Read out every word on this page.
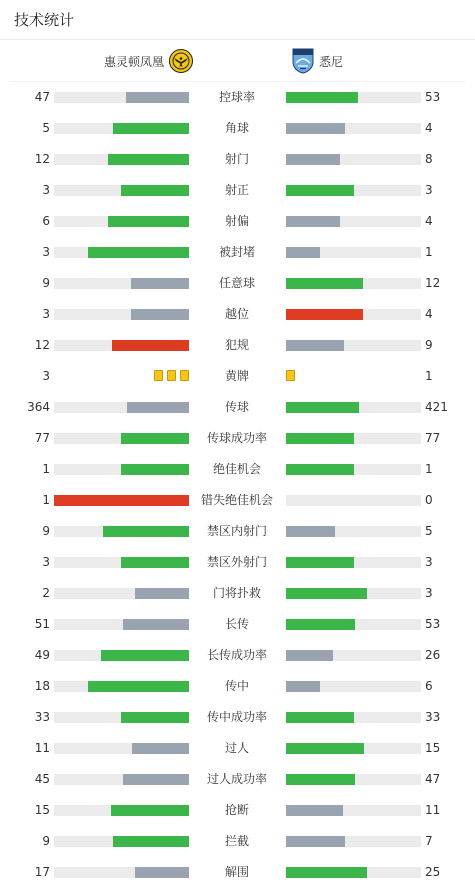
技术统计
惠灵顿凤凰	悉尼
47	控球率	53
5	角球	4
12	射门	8
3	射正	3
6	射偏	4
3	被封堵	1
9	任意球	12
3	越位	4
12	犯规	9
3	黄牌	1
364	传球	421
77	传球成功率	77
1	绝佳机会	1
1	错失绝佳机会	0
9	禁区内射门	5
3	禁区外射门	3
2	门将扑救	3
51	长传	53
49	长传成功率	26
18	传中	6
33	传中成功率	33
11	过人	15
45	过人成功率	47
15	抢断	11
9	拦截	7
17	解围	25
